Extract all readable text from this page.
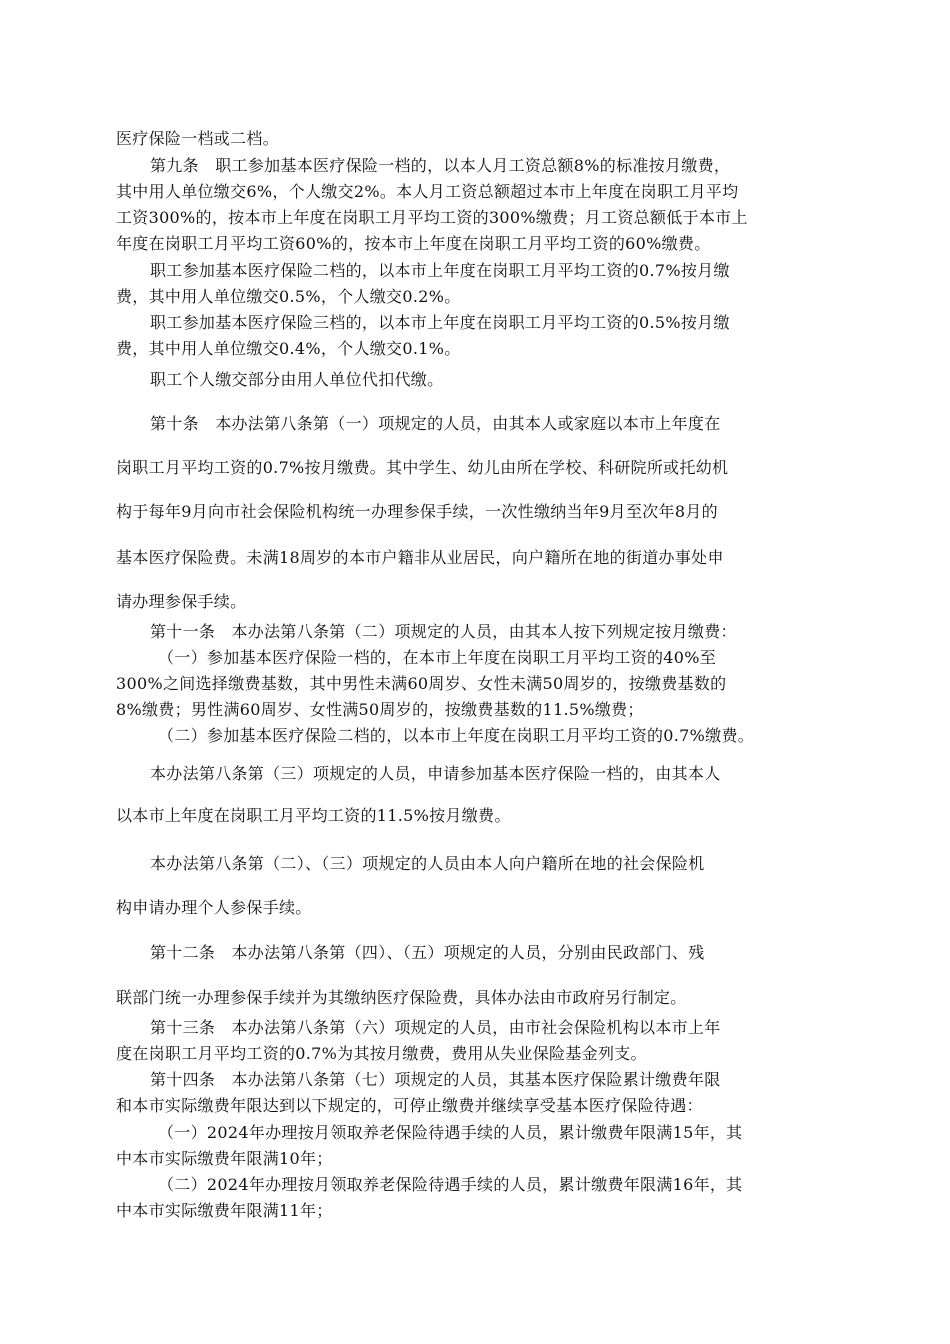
医疗保险一档或二档。
第九条　职工参加基本医疗保险一档的，以本人月工资总额8%的标准按月缴费，
其中用人单位缴交6%，个人缴交2%。本人月工资总额超过本市上年度在岗职工月平均
工资300%的，按本市上年度在岗职工月平均工资的300%缴费；月工资总额低于本市上
年度在岗职工月平均工资60%的，按本市上年度在岗职工月平均工资的60%缴费。
职工参加基本医疗保险二档的，以本市上年度在岗职工月平均工资的0.7%按月缴
费，其中用人单位缴交0.5%，个人缴交0.2%。
职工参加基本医疗保险三档的，以本市上年度在岗职工月平均工资的0.5%按月缴
费，其中用人单位缴交0.4%，个人缴交0.1%。
职工个人缴交部分由用人单位代扣代缴。
第十条　本办法第八条第（一）项规定的人员，由其本人或家庭以本市上年度在
岗职工月平均工资的0.7%按月缴费。其中学生、幼儿由所在学校、科研院所或托幼机
构于每年9月向市社会保险机构统一办理参保手续，一次性缴纳当年9月至次年8月的
基本医疗保险费。未满18周岁的本市户籍非从业居民，向户籍所在地的街道办事处申
请办理参保手续。
第十一条　本办法第八条第（二）项规定的人员，由其本人按下列规定按月缴费：
（一）参加基本医疗保险一档的，在本市上年度在岗职工月平均工资的40%至
300%之间选择缴费基数，其中男性未满60周岁、女性未满50周岁的，按缴费基数的
8%缴费；男性满60周岁、女性满50周岁的，按缴费基数的11.5%缴费；
（二）参加基本医疗保险二档的，以本市上年度在岗职工月平均工资的0.7%缴费。
本办法第八条第（三）项规定的人员，申请参加基本医疗保险一档的，由其本人
以本市上年度在岗职工月平均工资的11.5%按月缴费。
本办法第八条第（二）、（三）项规定的人员由本人向户籍所在地的社会保险机
构申请办理个人参保手续。
第十二条　本办法第八条第（四）、（五）项规定的人员，分别由民政部门、残
联部门统一办理参保手续并为其缴纳医疗保险费，具体办法由市政府另行制定。
第十三条　本办法第八条第（六）项规定的人员，由市社会保险机构以本市上年
度在岗职工月平均工资的0.7%为其按月缴费，费用从失业保险基金列支。
第十四条　本办法第八条第（七）项规定的人员，其基本医疗保险累计缴费年限
和本市实际缴费年限达到以下规定的，可停止缴费并继续享受基本医疗保险待遇：
（一）2024年办理按月领取养老保险待遇手续的人员，累计缴费年限满15年，其
中本市实际缴费年限满10年；
（二）2024年办理按月领取养老保险待遇手续的人员，累计缴费年限满16年，其
中本市实际缴费年限满11年；
